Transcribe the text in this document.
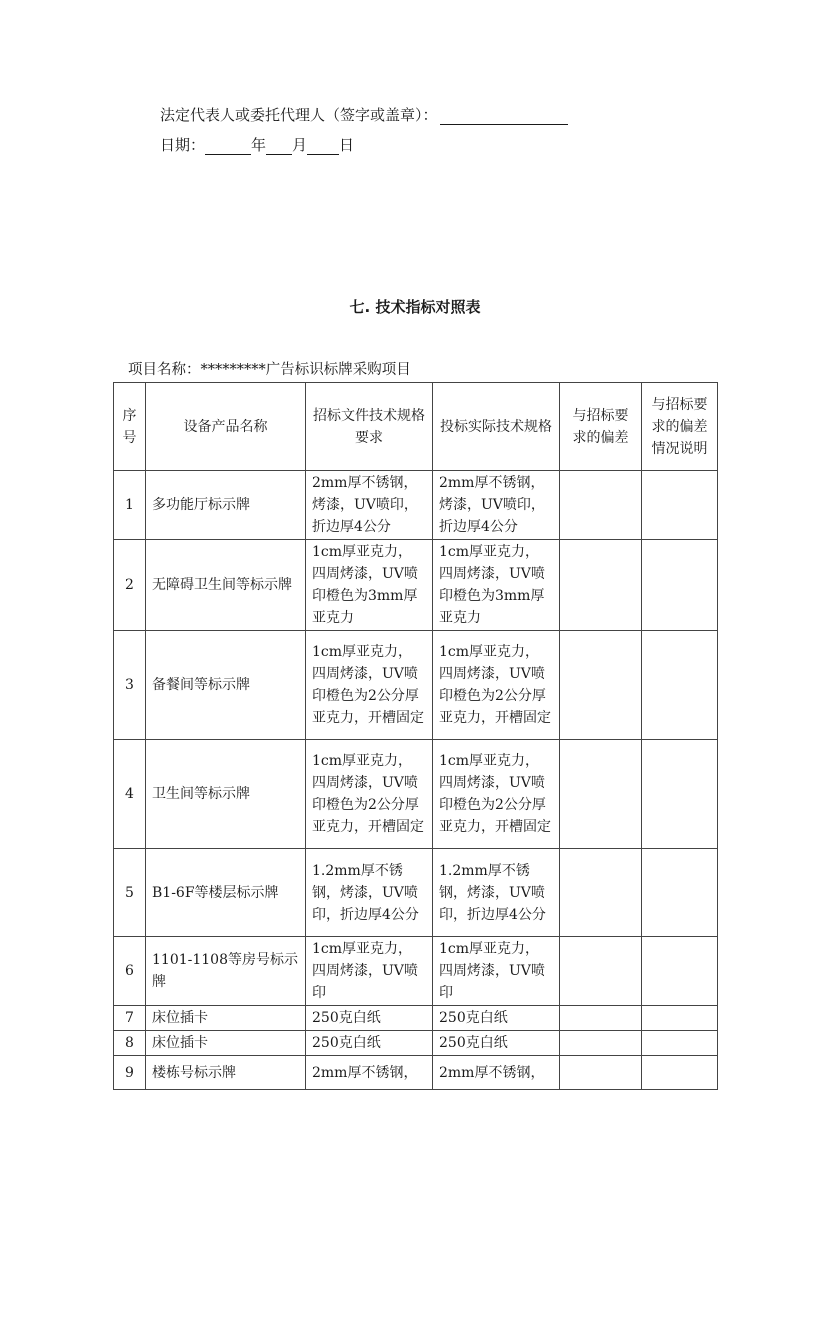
法定代表人或委托代理人（签字或盖章）：
日期：	年 月 日
七. 技术指标对照表
项目名称：*********广告标识标牌采购项目
序号	设备产品名称	招标文件技术规格要求	投标实际技术规格	与招标要求的偏差	与招标要求的偏差情况说明
1	多功能厅标示牌	2mm厚不锈钢，烤漆，UV喷印，折边厚4公分	2mm厚不锈钢，烤漆，UV喷印，折边厚4公分		
2	无障碍卫生间等标示牌	1cm厚亚克力，四周烤漆，UV喷印橙色为3mm厚亚克力	1cm厚亚克力，四周烤漆，UV喷印橙色为3mm厚亚克力		
3	备餐间等标示牌	1cm厚亚克力，四周烤漆，UV喷印橙色为2公分厚亚克力，开槽固定	1cm厚亚克力，四周烤漆，UV喷印橙色为2公分厚亚克力，开槽固定		
4	卫生间等标示牌	1cm厚亚克力，四周烤漆，UV喷印橙色为2公分厚亚克力，开槽固定	1cm厚亚克力，四周烤漆，UV喷印橙色为2公分厚亚克力，开槽固定		
5	B1-6F等楼层标示牌	1.2mm厚不锈钢，烤漆，UV喷印，折边厚4公分	1.2mm厚不锈钢，烤漆，UV喷印，折边厚4公分		
6	1101-1108等房号标示牌	1cm厚亚克力，四周烤漆，UV喷印	1cm厚亚克力，四周烤漆，UV喷印		
7	床位插卡	250克白纸	250克白纸		
8	床位插卡	250克白纸	250克白纸		
9	楼栋号标示牌	2mm厚不锈钢，	2mm厚不锈钢，		
